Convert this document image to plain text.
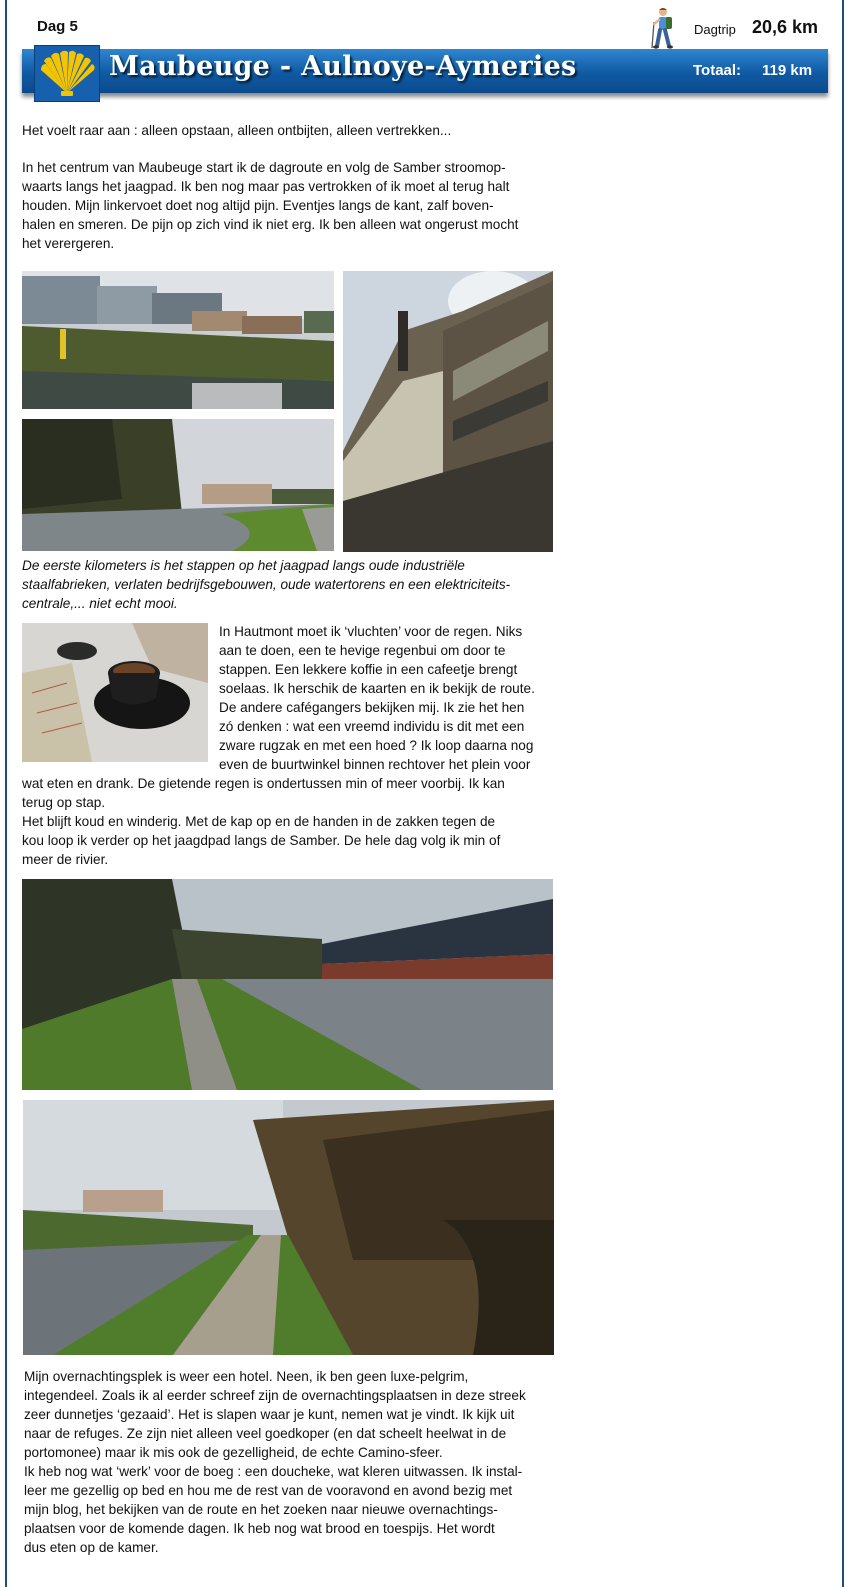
Dag 5	Dagtrip 20,6 km
Maubeuge - Aulnoye-Aymeries	Totaal: 119 km
Het voelt raar aan : alleen opstaan, alleen ontbijten, alleen vertrekken...
In het centrum van Maubeuge start ik de dagroute en volg de Samber stroomop-
waarts langs het jaagpad. Ik ben nog maar pas vertrokken of ik moet al terug halt
houden. Mijn linkervoet doet nog altijd pijn. Eventjes langs de kant, zalf boven-
halen en smeren. De pijn op zich vind ik niet erg. Ik ben alleen wat ongerust mocht
het verergeren.
De eerste kilometers is het stappen op het jaagpad langs oude industriële
staalfabrieken, verlaten bedrijfsgebouwen, oude watertorens en een elektriciteits-
centrale,... niet echt mooi.
In Hautmont moet ik ‘vluchten’ voor de regen. Niks
aan te doen, een te hevige regenbui om door te
stappen. Een lekkere koffie in een cafeetje brengt
soelaas. Ik herschik de kaarten en ik bekijk de route.
De andere cafégangers bekijken mij. Ik zie het hen
zó denken : wat een vreemd individu is dit met een
zware rugzak en met een hoed ? Ik loop daarna nog
even de buurtwinkel binnen rechtover het plein voor
wat eten en drank. De gietende regen is ondertussen min of meer voorbij. Ik kan
terug op stap.
Het blijft koud en winderig. Met de kap op en de handen in de zakken tegen de
kou loop ik verder op het jaagdpad langs de Samber. De hele dag volg ik min of
meer de rivier.
Mijn overnachtingsplek is weer een hotel. Neen, ik ben geen luxe-pelgrim,
integendeel. Zoals ik al eerder schreef zijn de overnachtingsplaatsen in deze streek
zeer dunnetjes ‘gezaaid’. Het is slapen waar je kunt, nemen wat je vindt. Ik kijk uit
naar de refuges. Ze zijn niet alleen veel goedkoper (en dat scheelt heelwat in de
portomonee) maar ik mis ook de gezelligheid, de echte Camino-sfeer.
Ik heb nog wat ‘werk’ voor de boeg : een doucheke, wat kleren uitwassen. Ik instal-
leer me gezellig op bed en hou me de rest van de vooravond en avond bezig met
mijn blog, het bekijken van de route en het zoeken naar nieuwe overnachtings-
plaatsen voor de komende dagen. Ik heb nog wat brood en toespijs. Het wordt
dus eten op de kamer.
